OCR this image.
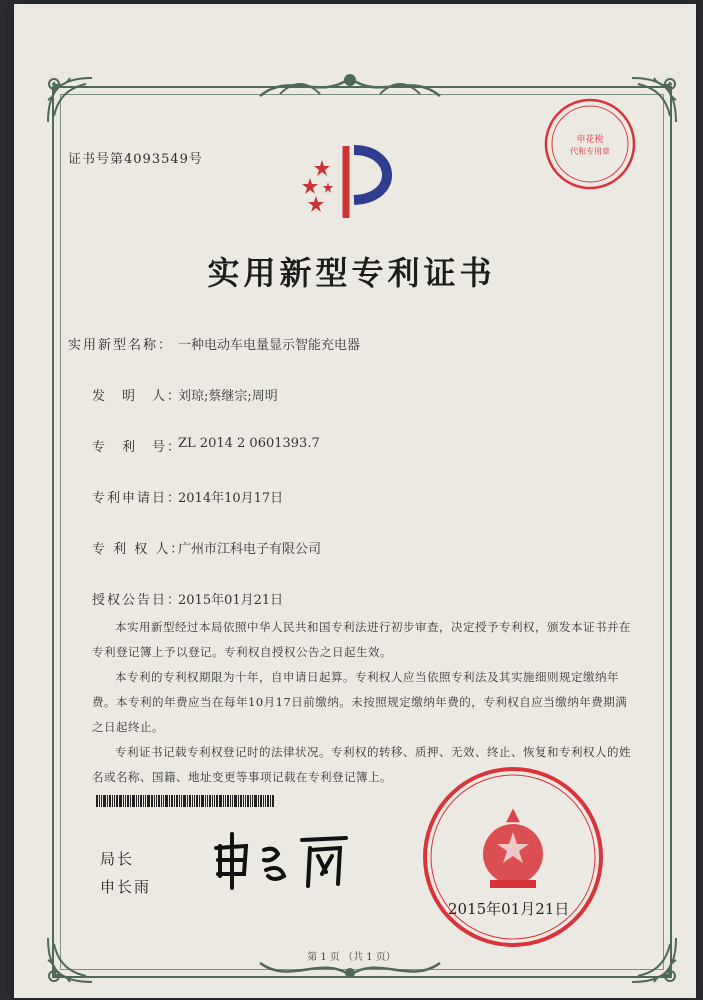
证书号第4093549号
实用新型专利证书
实用新型名称： 一种电动车电量显示智能充电器
发　明　人：
刘琼;蔡继宗;周明
专　利　号：
ZL 2014 2 0601393.7
专利申请日：
2014年10月17日
专 利 权 人：
广州市江科电子有限公司
授权公告日：
2015年01月21日

本实用新型经过本局依照中华人民共和国专利法进行初步审查，决定授予专利权，颁发本证书并在专利登记簿上予以登记。专利权自授权公告之日起生效。

本专利的专利权期限为十年，自申请日起算。专利权人应当依照专利法及其实施细则规定缴纳年费。本专利的年费应当在每年10月17日前缴纳。未按照规定缴纳年费的，专利权自应当缴纳年费期满之日起终止。

专利证书记载专利权登记时的法律状况。专利权的转移、质押、无效、终止、恢复和专利权人的姓名或名称、国籍、地址变更等事项记载在专利登记簿上。

申花税
代和专用章
局长
申长雨
▲
2015年01月21日
第 1 页 （共 1 页）
